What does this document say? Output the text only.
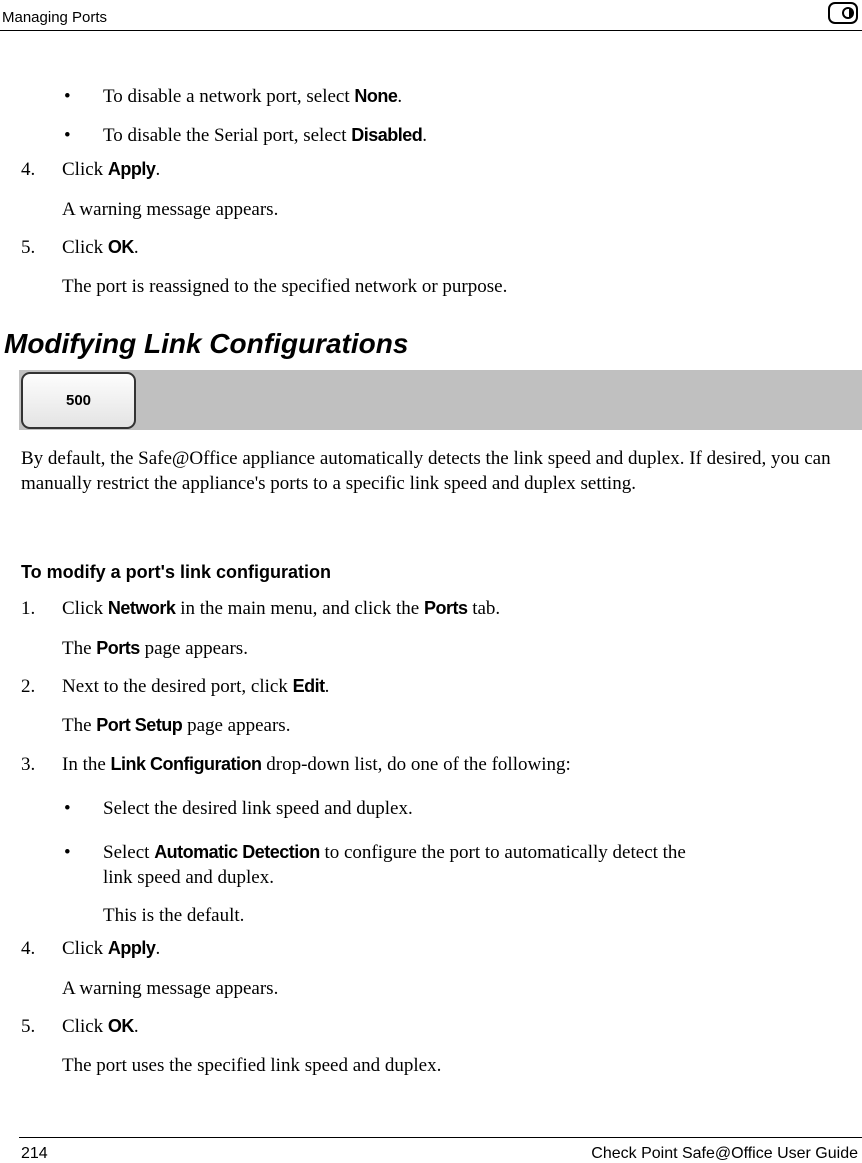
Managing Ports
• To disable a network port, select None.
• To disable the Serial port, select Disabled.
4. Click Apply.
A warning message appears.
5. Click OK.
The port is reassigned to the specified network or purpose.
Modifying Link Configurations
500
By default, the Safe@Office appliance automatically detects the link speed and duplex. If desired, you can manually restrict the appliance's ports to a specific link speed and duplex setting.
To modify a port's link configuration
1. Click Network in the main menu, and click the Ports tab.
The Ports page appears.
2. Next to the desired port, click Edit.
The Port Setup page appears.
3. In the Link Configuration drop-down list, do one of the following:
• Select the desired link speed and duplex.
• Select Automatic Detection to configure the port to automatically detect the
link speed and duplex.
This is the default.
4. Click Apply.
A warning message appears.
5. Click OK.
The port uses the specified link speed and duplex.
214	Check Point Safe@Office User Guide
